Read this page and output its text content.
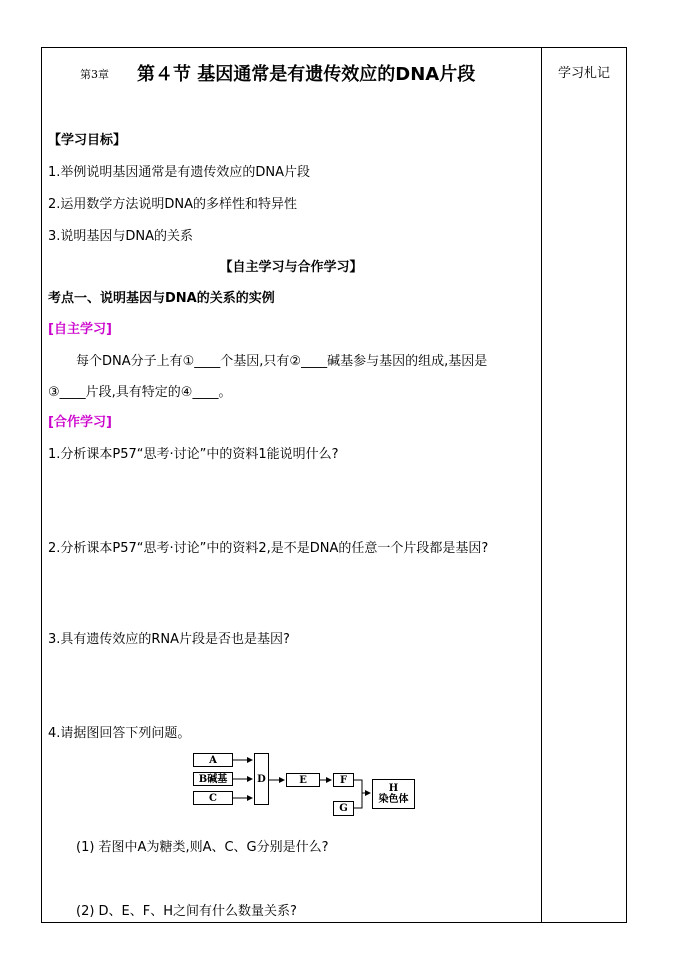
学习札记
第3章 第４节 基因通常是有遗传效应的DNA片段
【学习目标】
1.举例说明基因通常是有遗传效应的DNA片段
2.运用数学方法说明DNA的多样性和特异性
3.说明基因与DNA的关系
【自主学习与合作学习】
考点一、说明基因与DNA的关系的实例
[自主学习]
每个DNA分子上有①____个基因,只有②____碱基参与基因的组成,基因是
③____片段,具有特定的④____。
[合作学习]
1.分析课本P57“思考·讨论”中的资料1能说明什么?
2.分析课本P57“思考·讨论”中的资料2,是不是DNA的任意一个片段都是基因?
3.具有遗传效应的RNA片段是否也是基因?
4.请据图回答下列问题。
A
B碱基
C
D	E	F
G
H
染色体
(1) 若图中A为糖类,则A、C、G分别是什么?
(2) D、E、F、H之间有什么数量关系?
